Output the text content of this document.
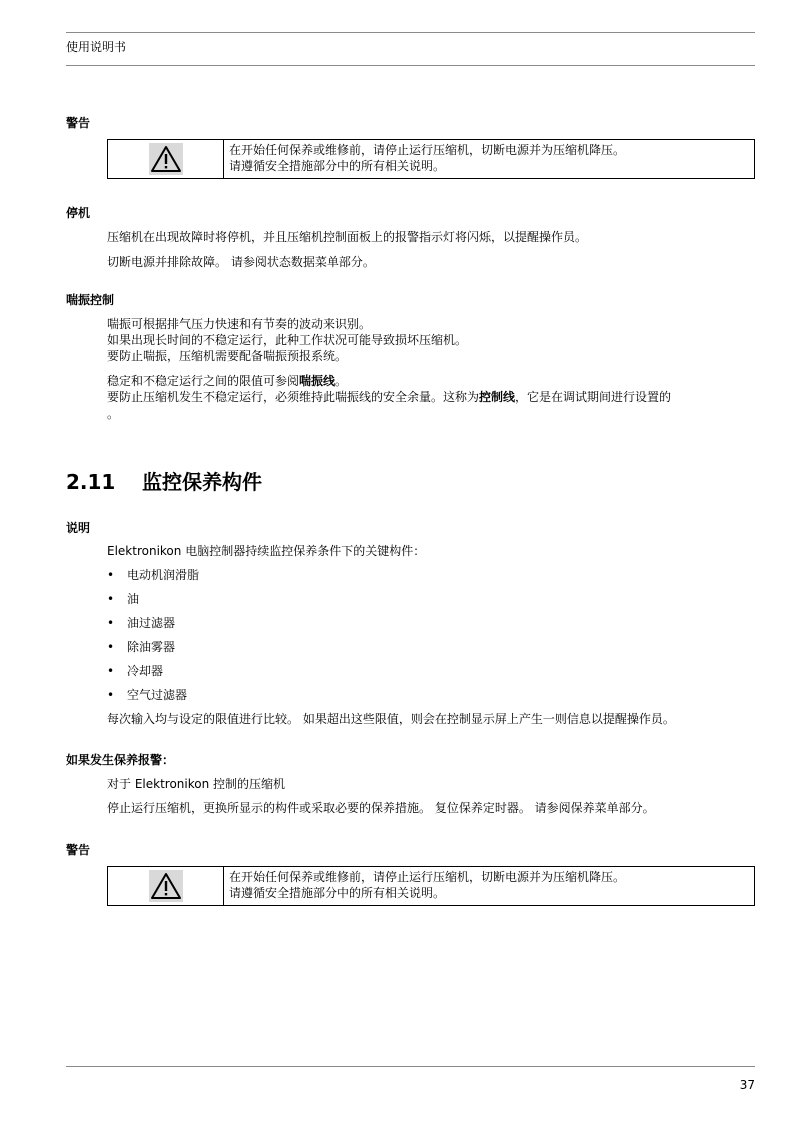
使用说明书
警告
在开始任何保养或维修前，请停止运行压缩机，切断电源并为压缩机降压。
请遵循安全措施部分中的所有相关说明。
停机
压缩机在出现故障时将停机，并且压缩机控制面板上的报警指示灯将闪烁，以提醒操作员。
切断电源并排除故障。 请参阅状态数据菜单部分。
喘振控制
喘振可根据排气压力快速和有节奏的波动来识别。
如果出现长时间的不稳定运行，此种工作状况可能导致损坏压缩机。
要防止喘振，压缩机需要配备喘振预报系统。
稳定和不稳定运行之间的限值可参阅喘振线。
要防止压缩机发生不稳定运行，必须维持此喘振线的安全余量。这称为控制线，它是在调试期间进行设置的
。
2.11 监控保养构件
说明
Elektronikon 电脑控制器持续监控保养条件下的关键构件：
• 电动机润滑脂
• 油
• 油过滤器
• 除油雾器
• 冷却器
• 空气过滤器
每次输入均与设定的限值进行比较。 如果超出这些限值，则会在控制显示屏上产生一则信息以提醒操作员。
如果发生保养报警：
对于 Elektronikon 控制的压缩机
停止运行压缩机，更换所显示的构件或采取必要的保养措施。 复位保养定时器。 请参阅保养菜单部分。
警告
在开始任何保养或维修前，请停止运行压缩机，切断电源并为压缩机降压。
请遵循安全措施部分中的所有相关说明。
37
